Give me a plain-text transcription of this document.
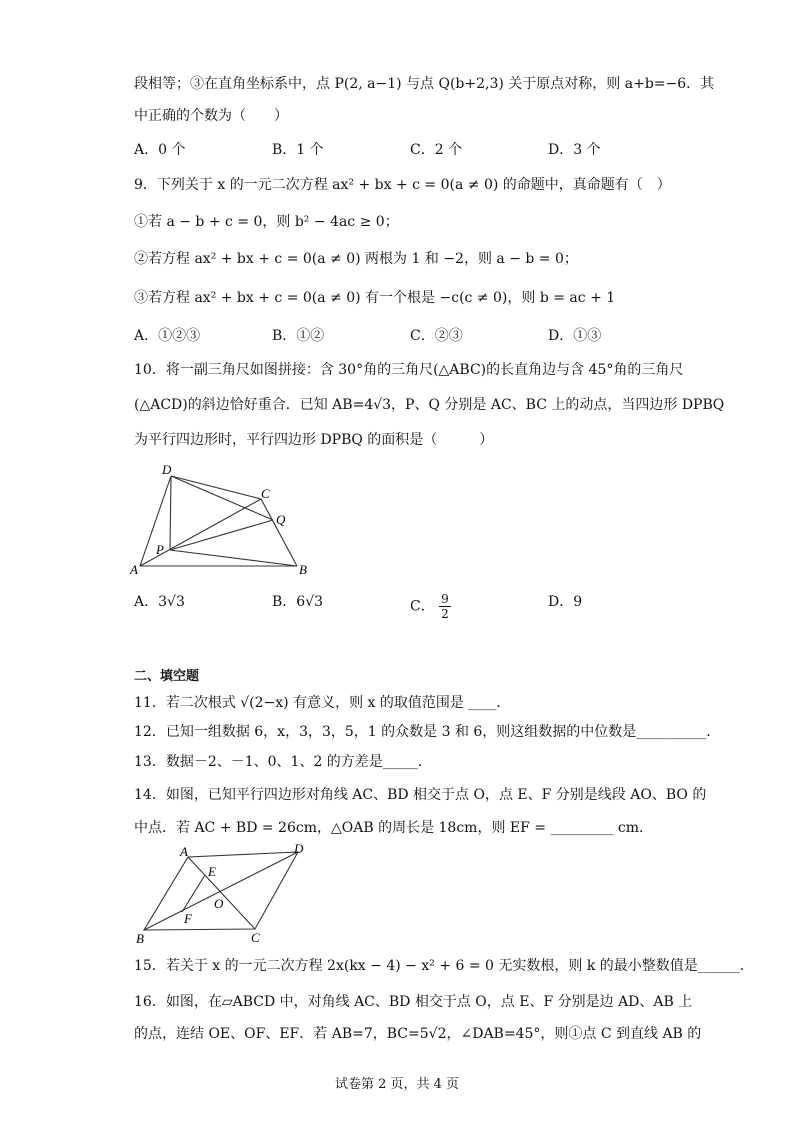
段相等；③在直角坐标系中，点 P(2, a−1) 与点 Q(b+2,3) 关于原点对称，则 a+b=−6．其
中正确的个数为（　　）
A．0 个	B．1 个	C．2 个	D．3 个
9．下列关于 x 的一元二次方程 ax² + bx + c = 0(a ≠ 0) 的命题中，真命题有（　）
①若 a − b + c = 0，则 b² − 4ac ≥ 0；
②若方程 ax² + bx + c = 0(a ≠ 0) 两根为 1 和 −2，则 a − b = 0；
③若方程 ax² + bx + c = 0(a ≠ 0) 有一个根是 −c(c ≠ 0)，则 b = ac + 1
A．①②③	B．①②	C．②③	D．①③
10．将一副三角尺如图拼接：含 30°角的三角尺(△ABC)的长直角边与含 45°角的三角尺
(△ACD)的斜边恰好重合．已知 AB=4√3，P、Q 分别是 AC、BC 上的动点，当四边形 DPBQ
为平行四边形时，平行四边形 DPBQ 的面积是（　　　）
D
C
Q
P
A	B
A．3√3	B．6√3	C． $\frac{9}{2}$	D．9
二、填空题
11．若二次根式 √(2−x) 有意义，则 x 的取值范围是 ____．
12．已知一组数据 6，x，3，3，5，1 的众数是 3 和 6，则这组数据的中位数是__________．
13．数据－2、－1、0、1、2 的方差是_____．
14．如图，已知平行四边形对角线 AC、BD 相交于点 O，点 E、F 分别是线段 AO、BO 的
中点．若 AC + BD = 26cm，△OAB 的周长是 18cm，则 EF = _________ cm．
A	D
E
O
F
B	C
15．若关于 x 的一元二次方程 2x(kx − 4) − x² + 6 = 0 无实数根，则 k 的最小整数值是______．
16．如图，在▱ABCD 中，对角线 AC、BD 相交于点 O，点 E、F 分别是边 AD、AB 上
的点，连结 OE、OF、EF．若 AB=7，BC=5√2，∠DAB=45°，则①点 C 到直线 AB 的
试卷第 2 页，共 4 页
